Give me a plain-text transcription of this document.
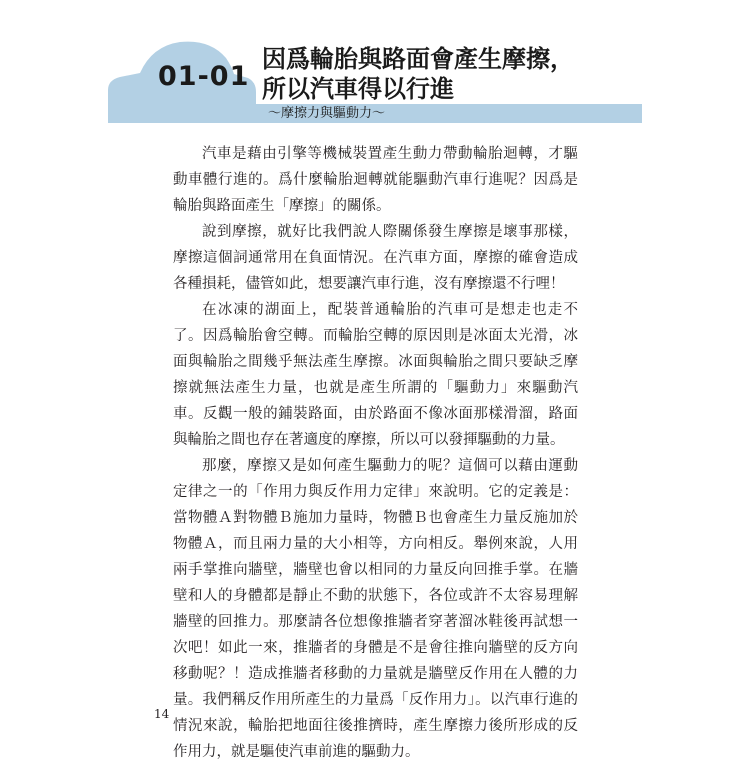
01-01
因爲輪胎與路面會產生摩擦，
所以汽車得以行進
〜摩擦力與驅動力〜

汽車是藉由引擎等機械裝置產生動力帶動輪胎迴轉，才驅動車體行進的。爲什麼輪胎迴轉就能驅動汽車行進呢？因爲是輪胎與路面產生「摩擦」的關係。

說到摩擦，就好比我們說人際關係發生摩擦是壞事那樣，摩擦這個詞通常用在負面情況。在汽車方面，摩擦的確會造成各種損耗，儘管如此，想要讓汽車行進，沒有摩擦還不行哩！

在冰凍的湖面上，配裝普通輪胎的汽車可是想走也走不了。因爲輪胎會空轉。而輪胎空轉的原因則是冰面太光滑，冰面與輪胎之間幾乎無法產生摩擦。冰面與輪胎之間只要缺乏摩擦就無法產生力量，也就是產生所謂的「驅動力」來驅動汽車。反觀一般的鋪裝路面，由於路面不像冰面那樣滑溜，路面與輪胎之間也存在著適度的摩擦，所以可以發揮驅動的力量。

那麼，摩擦又是如何產生驅動力的呢？這個可以藉由運動定律之一的「作用力與反作用力定律」來說明。它的定義是：當物體Ａ對物體Ｂ施加力量時，物體Ｂ也會產生力量反施加於物體Ａ，而且兩力量的大小相等，方向相反。舉例來說，人用兩手掌推向牆壁，牆壁也會以相同的力量反向回推手掌。在牆壁和人的身體都是靜止不動的狀態下，各位或許不太容易理解牆壁的回推力。那麼請各位想像推牆者穿著溜冰鞋後再試想一次吧！如此一來，推牆者的身體是不是會往推向牆壁的反方向移動呢？！造成推牆者移動的力量就是牆壁反作用在人體的力量。我們稱反作用所產生的力量爲「反作用力」。以汽車行進的情況來說，輪胎把地面往後推擠時，產生摩擦力後所形成的反作用力，就是驅使汽車前進的驅動力。

14
